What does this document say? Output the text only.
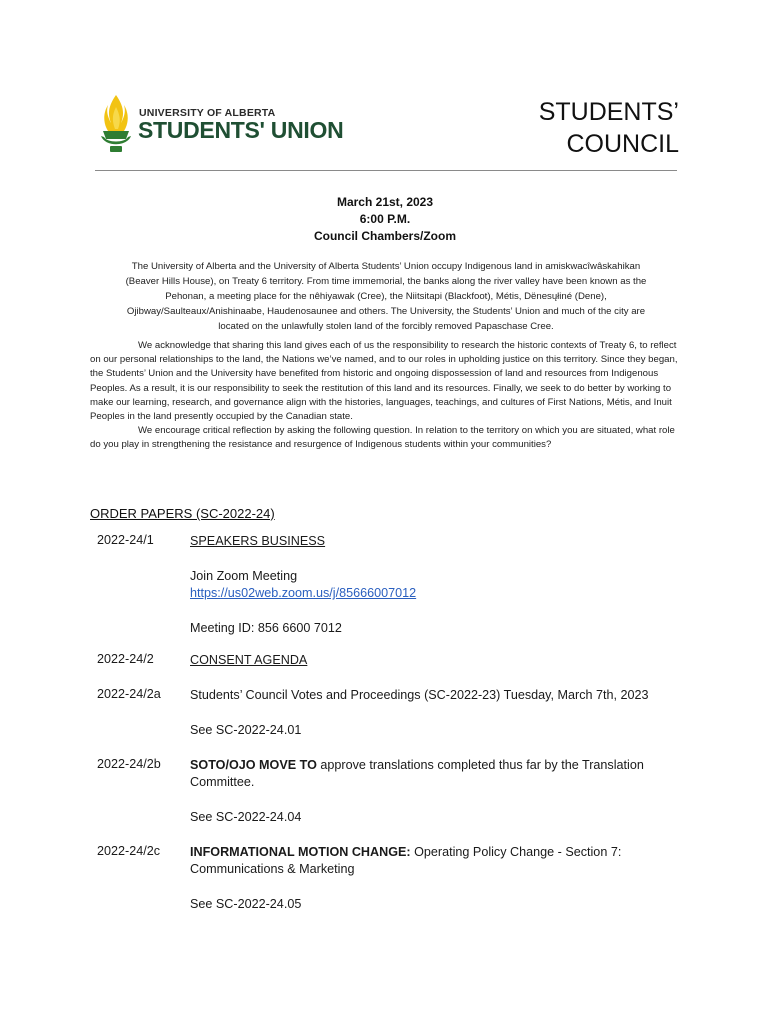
UNIVERSITY OF ALBERTA
STUDENTS' UNION
STUDENTS’
COUNCIL
March 21st, 2023
6:00 P.M.
Council Chambers/Zoom
The University of Alberta and the University of Alberta Students’ Union occupy Indigenous land in amiskwacîwâskahikan
(Beaver Hills House), on Treaty 6 territory. From time immemorial, the banks along the river valley have been known as the
Pehonan, a meeting place for the nêhiyawak (Cree), the Niitsitapi (Blackfoot), Métis, Dënesųłiné (Dene),
Ojibway/Saulteaux/Anishinaabe, Haudenosaunee and others. The University, the Students’ Union and much of the city are
located on the unlawfully stolen land of the forcibly removed Papaschase Cree.

We acknowledge that sharing this land gives each of us the responsibility to research the historic contexts of Treaty 6, to reflect on our personal relationships to the land, the Nations we’ve named, and to our roles in upholding justice on this territory. Since they began, the Students’ Union and the University have benefited from historic and ongoing dispossession of land and resources from Indigenous Peoples. As a result, it is our responsibility to seek the restitution of this land and its resources. Finally, we seek to do better by working to make our learning, research, and governance align with the histories, languages, teachings, and cultures of First Nations, Métis, and Inuit Peoples in the land presently occupied by the Canadian state.

We encourage critical reflection by asking the following question. In relation to the territory on which you are situated, what role do you play in strengthening the resistance and resurgence of Indigenous students within your communities?

ORDER PAPERS (SC-2022-24)
2022-24/1	SPEAKERS BUSINESS
Join Zoom Meeting
https://us02web.zoom.us/j/85666007012
Meeting ID: 856 6600 7012
2022-24/2	CONSENT AGENDA
2022-24/2a Students’ Council Votes and Proceedings (SC-2022-23) Tuesday, March 7th, 2023
See SC-2022-24.01
2022-24/2b SOTO/OJO MOVE TO approve translations completed thus far by the Translation Committee.
See SC-2022-24.04
2022-24/2c INFORMATIONAL MOTION CHANGE: Operating Policy Change - Section 7: Communications & Marketing
See SC-2022-24.05
